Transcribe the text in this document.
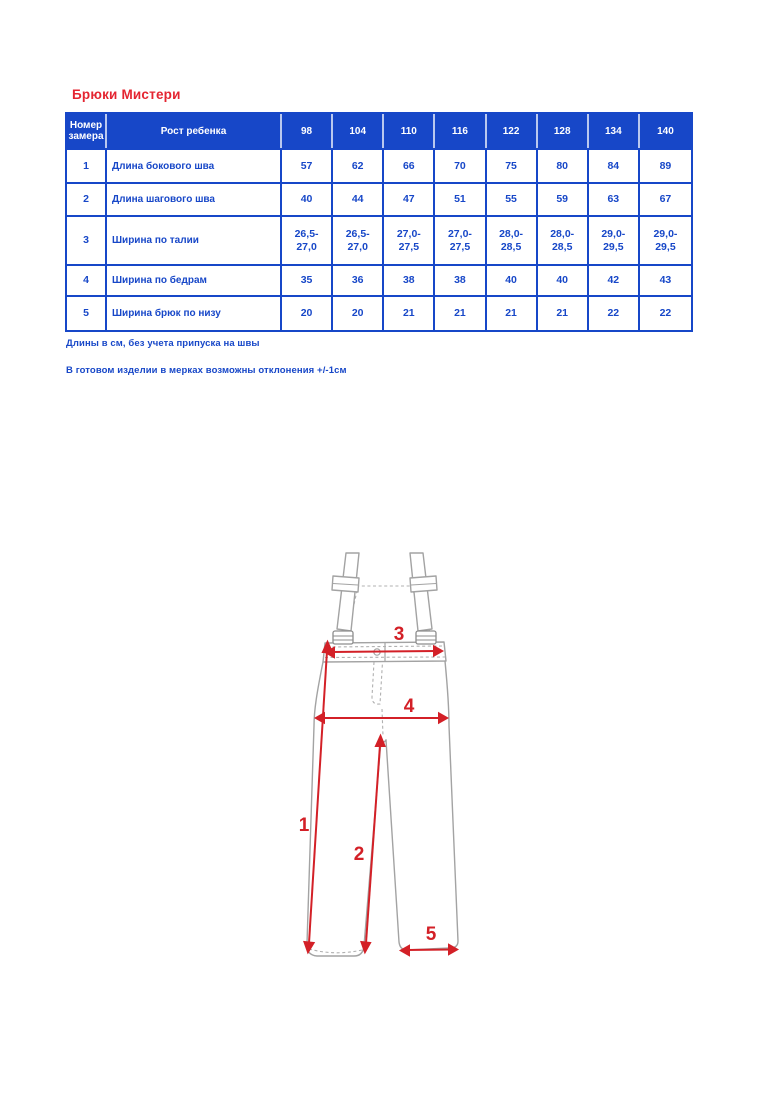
Брюки Мистери
Номер замера	Рост ребенка	98	104	110	116	122	128	134	140
1	Длина бокового шва	57	62	66	70	75	80	84	89
2	Длина шагового шва	40	44	47	51	55	59	63	67
3	Ширина по талии	26,5-27,0	26,5-27,0	27,0-27,5	27,0-27,5	28,0-28,5	28,0-28,5	29,0-29,5	29,0-29,5
4	Ширина по бедрам	35	36	38	38	40	40	42	43
5	Ширина брюк по низу	20	20	21	21	21	21	22	22
Длины в см, без учета припуска на швы
В готовом изделии в мерках возможны отклонения +/-1см
1
2
3
4
5
